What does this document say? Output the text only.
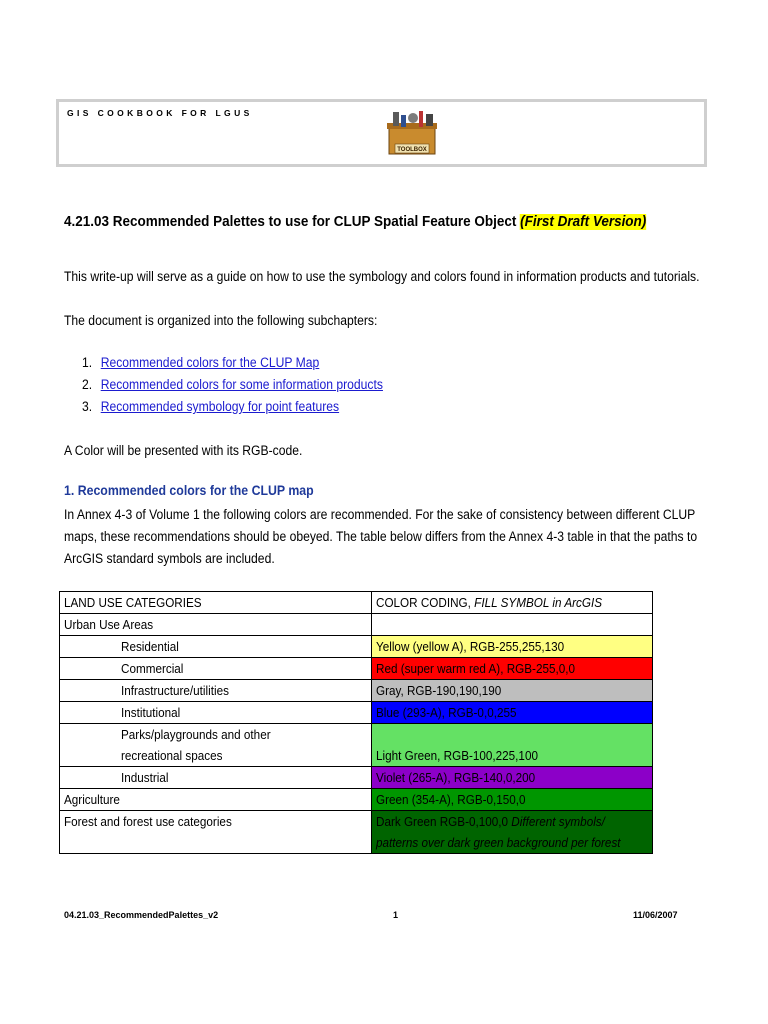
GIS COOKBOOK FOR LGUS
TOOLBOX
4.21.03 Recommended Palettes to use for CLUP Spatial Feature Object (First Draft Version)
This write-up will serve as a guide on how to use the symbology and colors found in information products and tutorials.
The document is organized into the following subchapters:
1. Recommended colors for the CLUP Map
2. Recommended colors for some information products
3. Recommended symbology for point features
A Color will be presented with its RGB-code.
1. Recommended colors for the CLUP map
In Annex 4-3 of Volume 1 the following colors are recommended. For the sake of consistency between different CLUP maps, these recommendations should be obeyed. The table below differs from the Annex 4-3 table in that the paths to ArcGIS standard symbols are included.
LAND USE CATEGORIES	COLOR CODING, FILL SYMBOL in ArcGIS

Urban Use Areas	

Residential	Yellow (yellow A), RGB-255,255,130

Commercial	Red (super warm red A), RGB-255,0,0

Infrastructure/utilities	Gray, RGB-190,190,190

Institutional	Blue (293-A), RGB-0,0,255

Parks/playgrounds and other
recreational spaces	Light Green, RGB-100,225,100

Industrial	Violet (265-A), RGB-140,0,200

Agriculture	Green (354-A), RGB-0,150,0

Forest and forest use categories	Dark Green RGB-0,100,0 Different symbols/
patterns over dark green background per forest
04.21.03_RecommendedPalettes_v2	1	11/06/2007
